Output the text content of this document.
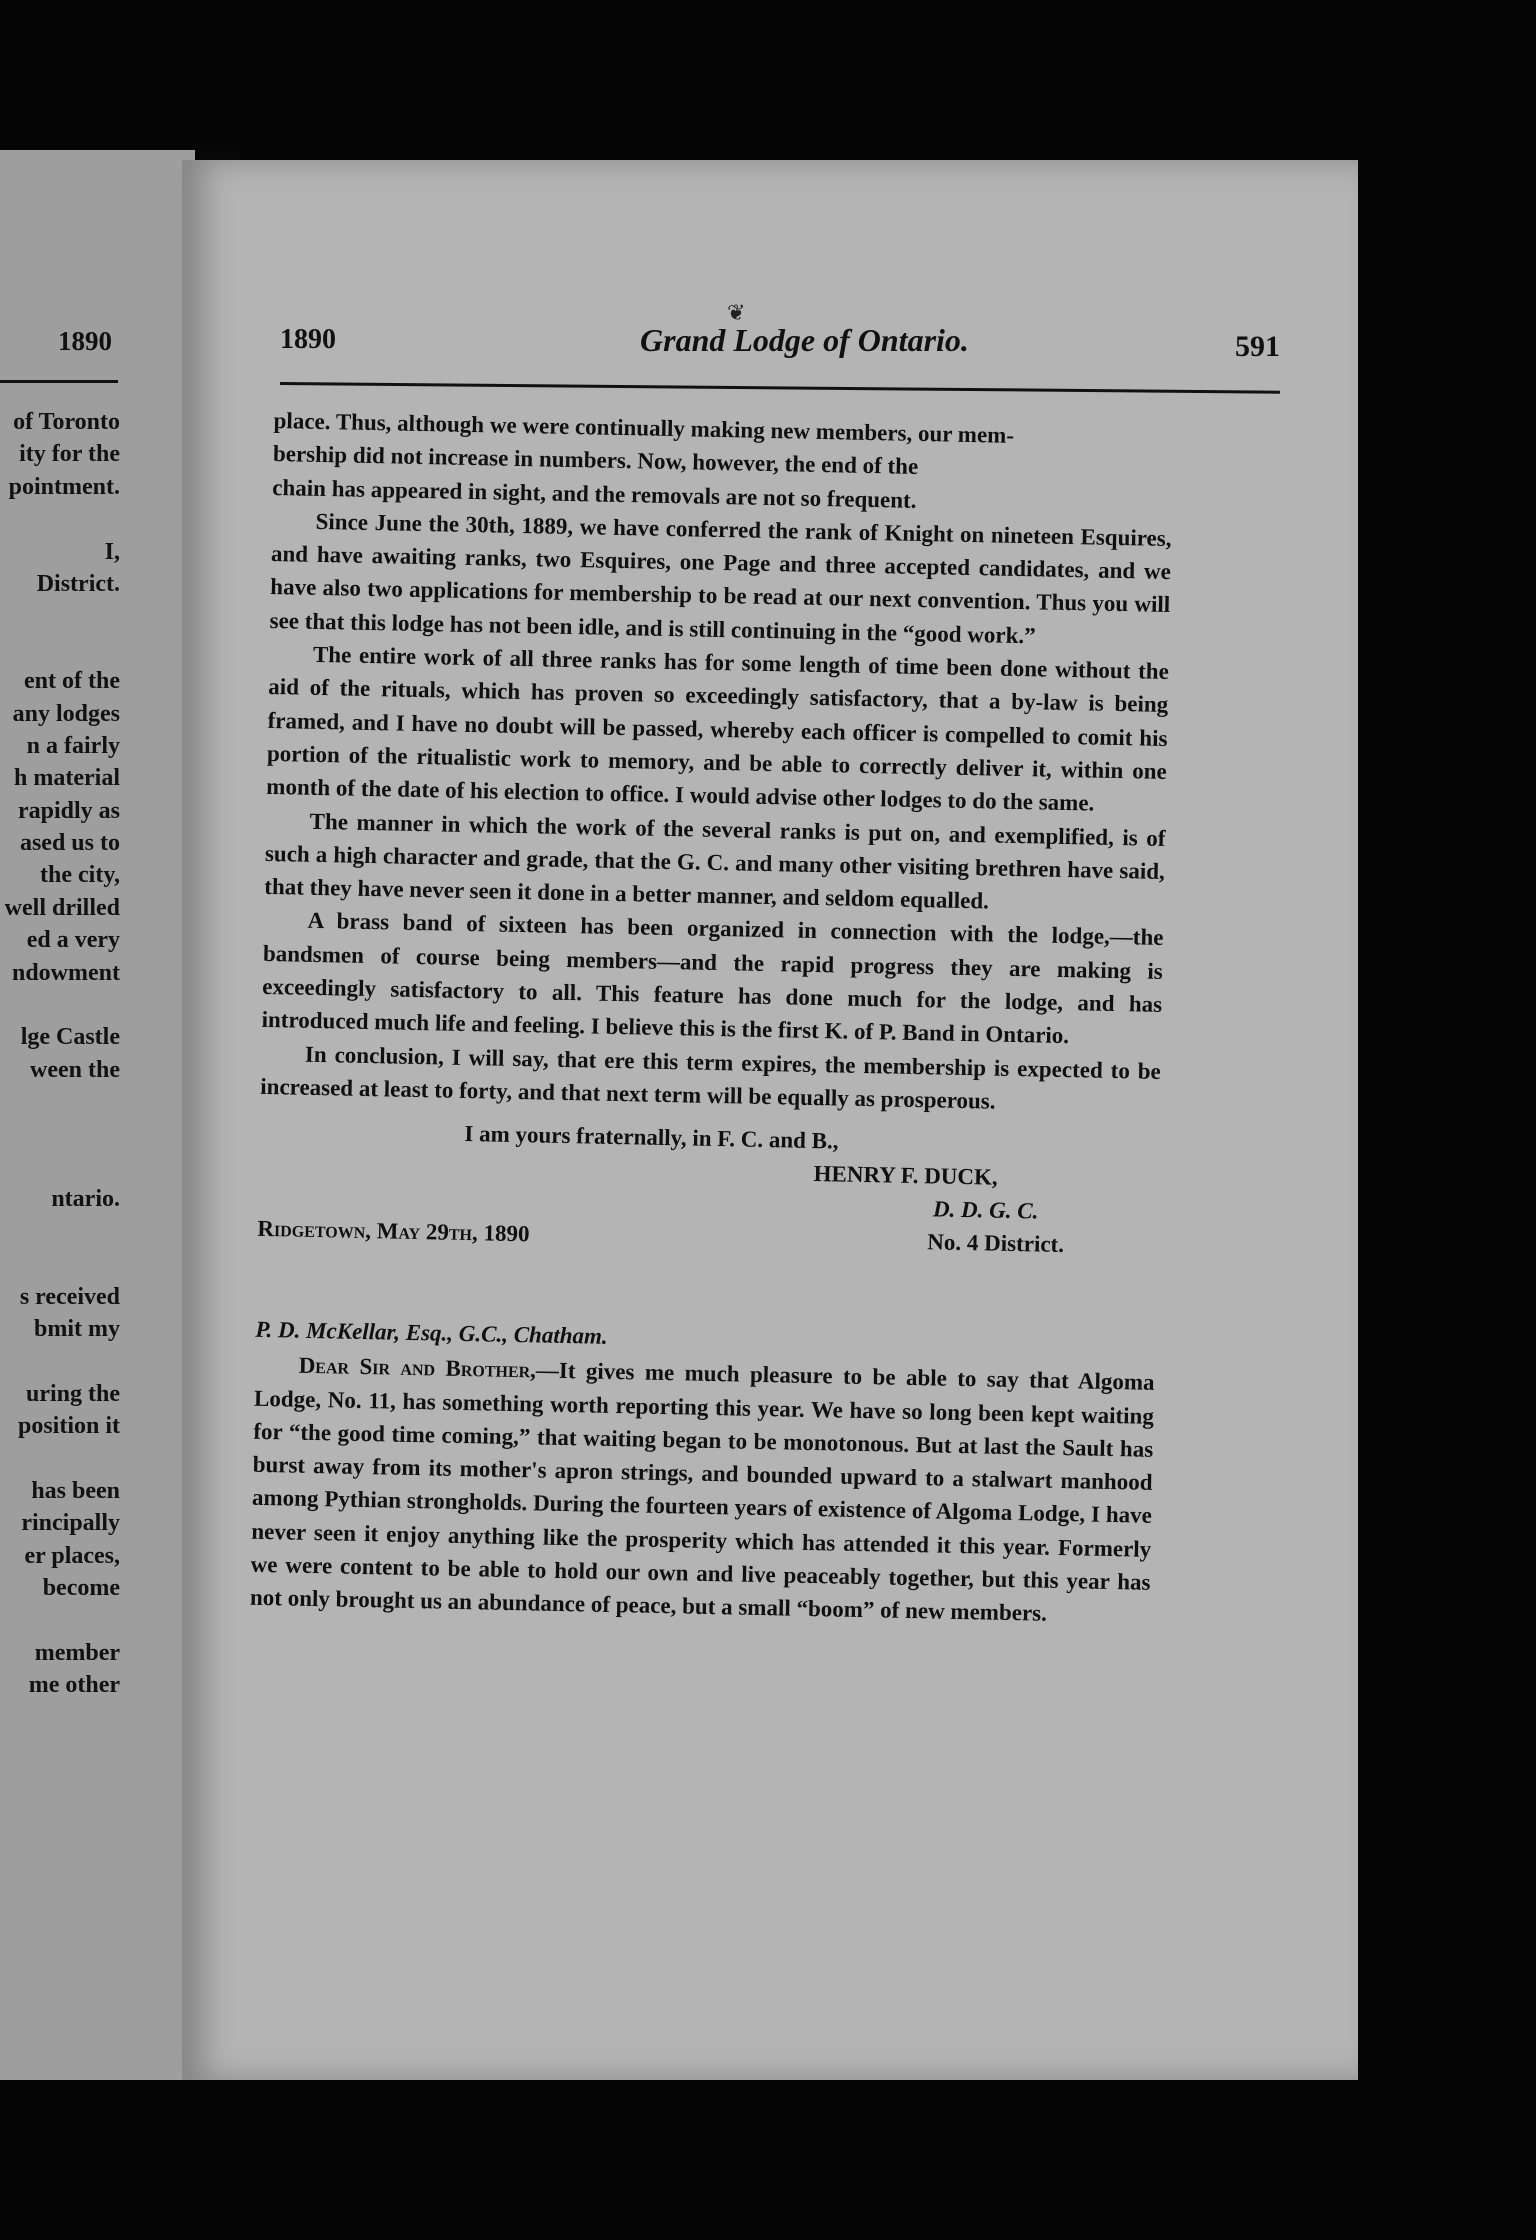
1890
of Toronto
ity for the
pointment.
I,
District.
ent of the
any lodges
n a fairly
h material
rapidly as
ased us to
the city,
well drilled
ed a very
ndowment
lge Castle
ween the
ntario.
s received
bmit my
uring the
position it
has been
rincipally
er places,
become
member
me other
❦
1890	Grand Lodge of Ontario.	591

place. Thus, although we were continually making new members, our mem-
bership did not increase in numbers. Now, however, the end of the
chain has appeared in sight, and the removals are not so frequent.

Since June the 30th, 1889, we have conferred the rank of Knight on nineteen Esquires, and have awaiting ranks, two Esquires, one Page and three accepted candidates, and we have also two applications for membership to be read at our next convention. Thus you will see that this lodge has not been idle, and is still continuing in the “good work.”

The entire work of all three ranks has for some length of time been done without the aid of the rituals, which has proven so exceedingly satisfactory, that a by-law is being framed, and I have no doubt will be passed, whereby each officer is compelled to comit his portion of the ritualistic work to memory, and be able to correctly deliver it, within one month of the date of his election to office. I would advise other lodges to do the same.

The manner in which the work of the several ranks is put on, and exemplified, is of such a high character and grade, that the G. C. and many other visiting brethren have said, that they have never seen it done in a better manner, and seldom equalled.

A brass band of sixteen has been organized in connection with the lodge,—the bandsmen of course being members—and the rapid progress they are making is exceedingly satisfactory to all. This feature has done much for the lodge, and has introduced much life and feeling. I believe this is the first K. of P. Band in Ontario.

In conclusion, I will say, that ere this term expires, the membership is expected to be increased at least to forty, and that next term will be equally as prosperous.

I am yours fraternally, in F. C. and B.,
HENRY F. DUCK,
D. D. G. C.
Ridgetown, May 29th, 1890	No. 4 District.
P. D. McKellar, Esq., G.C., Chatham.

Dear Sir and Brother,—It gives me much pleasure to be able to say that Algoma Lodge, No. 11, has something worth reporting this year. We have so long been kept waiting for “the good time coming,” that waiting began to be monotonous. But at last the Sault has burst away from its mother's apron strings, and bounded upward to a stalwart manhood among Pythian strongholds. During the fourteen years of existence of Algoma Lodge, I have never seen it enjoy anything like the prosperity which has attended it this year. Formerly we were content to be able to hold our own and live peaceably together, but this year has not only brought us an abundance of peace, but a small “boom” of new members.
